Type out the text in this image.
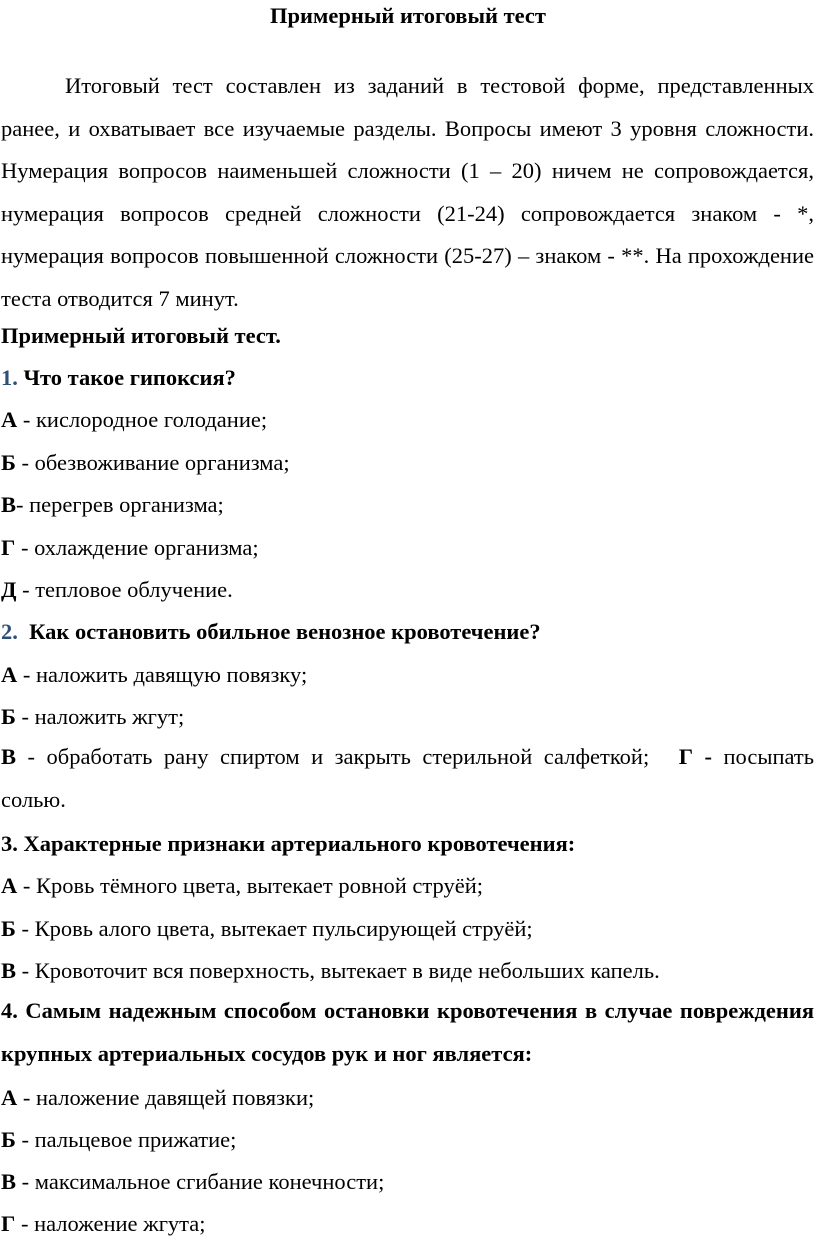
Примерный итоговый тест

Итоговый тест составлен из заданий в тестовой форме, представленных ранее, и охватывает все изучаемые разделы. Вопросы имеют 3 уровня сложности. Нумерация вопросов наименьшей сложности (1 – 20) ничем не сопровождается, нумерация вопросов средней сложности (21-24) сопровождается знаком - *, нумерация вопросов повышенной сложности (25-27) – знаком - **. На прохождение теста отводится 7 минут.

Примерный итоговый тест.

1. Что такое гипоксия?

А - кислородное голодание;

Б - обезвоживание организма;

В- перегрев организма;

Г - охлаждение организма;

Д - тепловое облучение.

2. Как остановить обильное венозное кровотечение?

А - наложить давящую повязку;

Б - наложить жгут;

В - обработать рану спиртом и закрыть стерильной салфеткой; Г - посыпать солью.

3. Характерные признаки артериального кровотечения:

А - Кровь тёмного цвета, вытекает ровной струёй;

Б - Кровь алого цвета, вытекает пульсирующей струёй;

В - Кровоточит вся поверхность, вытекает в виде небольших капель.

4. Самым надежным способом остановки кровотечения в случае повреждения крупных артериальных сосудов рук и ног является:

А - наложение давящей повязки;

Б - пальцевое прижатие;

В - максимальное сгибание конечности;

Г - наложение жгута;
